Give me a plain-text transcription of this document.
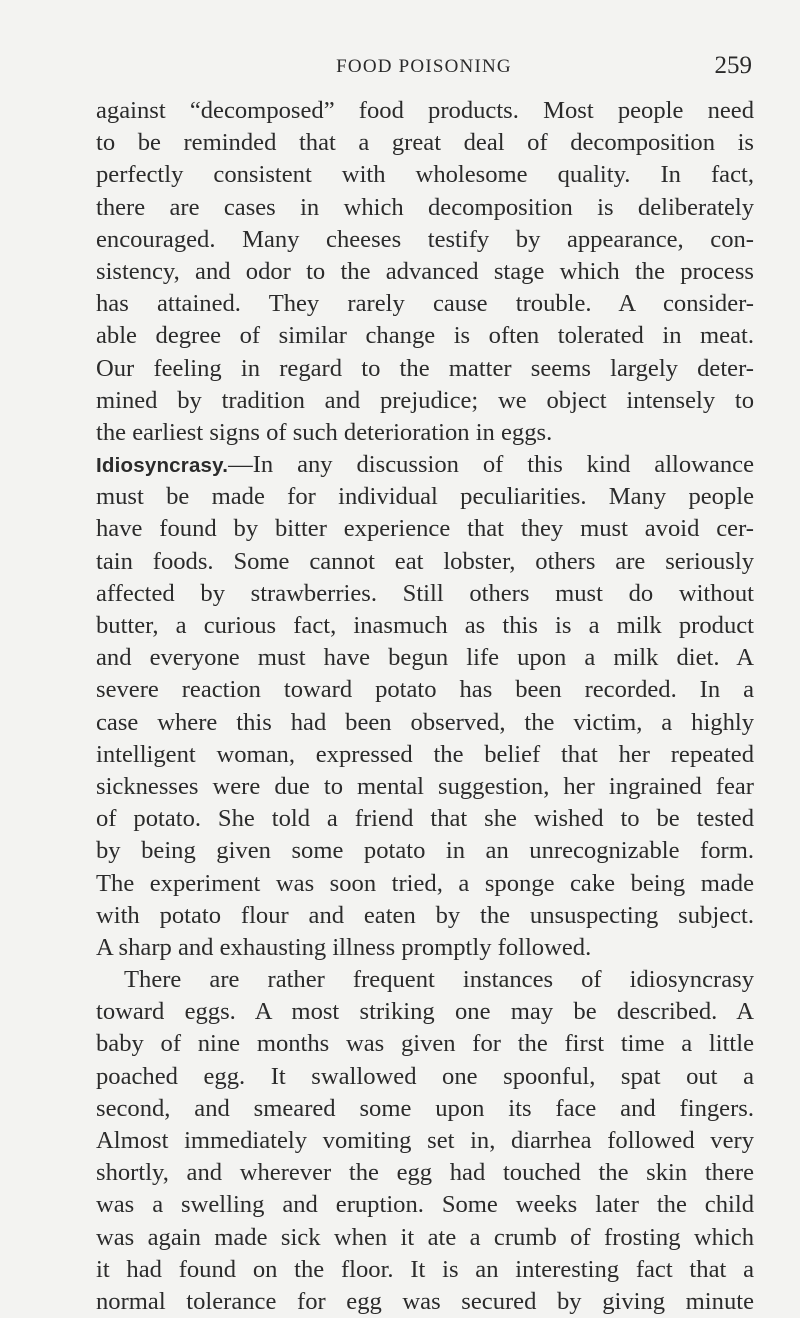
FOOD POISONING	259
against “decomposed” food products. Most people need
to be reminded that a great deal of decomposition is
perfectly consistent with wholesome quality. In fact,
there are cases in which decomposition is deliberately
encouraged. Many cheeses testify by appearance, con-
sistency, and odor to the advanced stage which the process
has attained. They rarely cause trouble. A consider-
able degree of similar change is often tolerated in meat.
Our feeling in regard to the matter seems largely deter-
mined by tradition and prejudice; we object intensely to
the earliest signs of such deterioration in eggs.
Idiosyncrasy.—In any discussion of this kind allowance
must be made for individual peculiarities. Many people
have found by bitter experience that they must avoid cer-
tain foods. Some cannot eat lobster, others are seriously
affected by strawberries. Still others must do without
butter, a curious fact, inasmuch as this is a milk product
and everyone must have begun life upon a milk diet. A
severe reaction toward potato has been recorded. In a
case where this had been observed, the victim, a highly
intelligent woman, expressed the belief that her repeated
sicknesses were due to mental suggestion, her ingrained fear
of potato. She told a friend that she wished to be tested
by being given some potato in an unrecognizable form.
The experiment was soon tried, a sponge cake being made
with potato flour and eaten by the unsuspecting subject.
A sharp and exhausting illness promptly followed.
There are rather frequent instances of idiosyncrasy
toward eggs. A most striking one may be described. A
baby of nine months was given for the first time a little
poached egg. It swallowed one spoonful, spat out a
second, and smeared some upon its face and fingers.
Almost immediately vomiting set in, diarrhea followed very
shortly, and wherever the egg had touched the skin there
was a swelling and eruption. Some weeks later the child
was again made sick when it ate a crumb of frosting which
it had found on the floor. It is an interesting fact that a
normal tolerance for egg was secured by giving minute
